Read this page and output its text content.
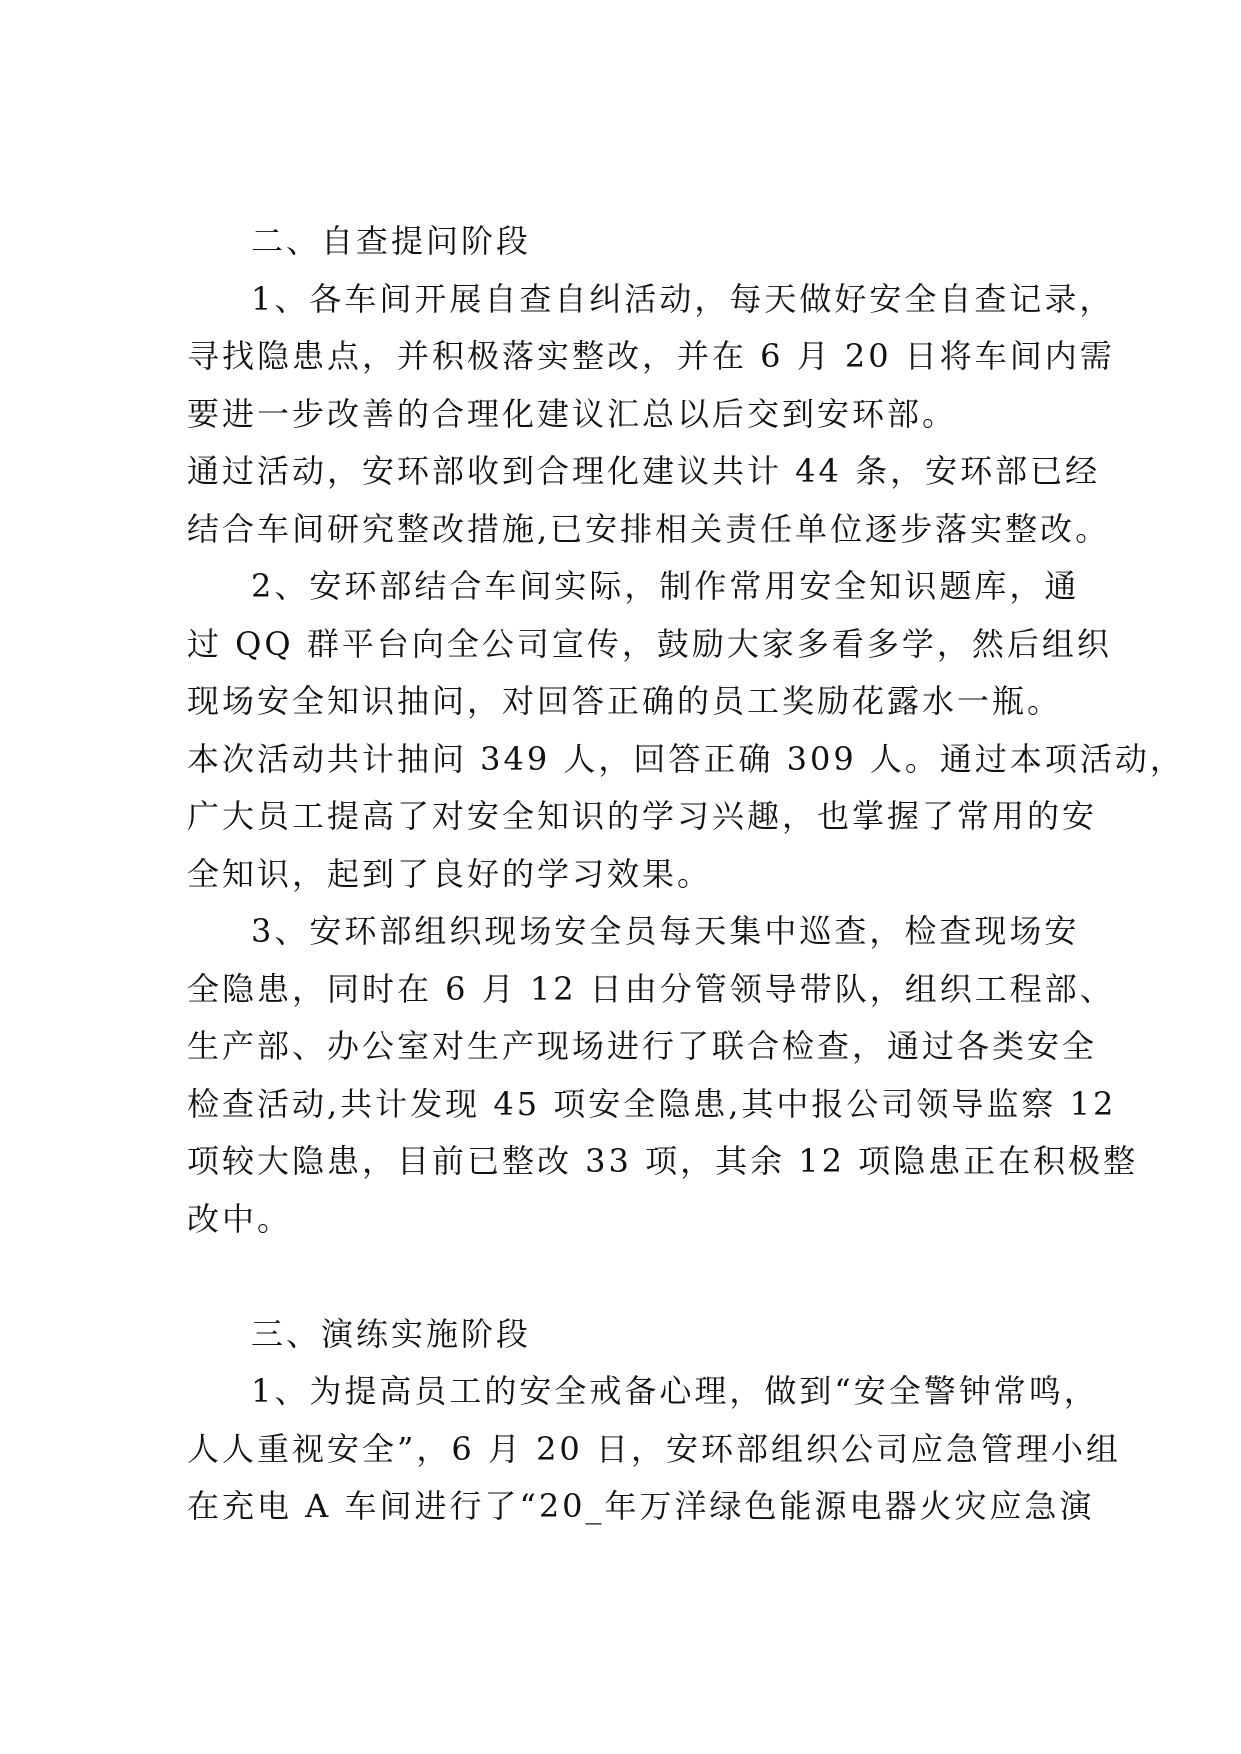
二、自查提问阶段

1、各车间开展自查自纠活动，每天做好安全自查记录，

寻找隐患点，并积极落实整改，并在 6 月 20 日将车间内需

要进一步改善的合理化建议汇总以后交到安环部。

通过活动，安环部收到合理化建议共计 44 条，安环部已经

结合车间研究整改措施,已安排相关责任单位逐步落实整改。

2、安环部结合车间实际，制作常用安全知识题库，通

过 QQ 群平台向全公司宣传，鼓励大家多看多学，然后组织

现场安全知识抽问，对回答正确的员工奖励花露水一瓶。

本次活动共计抽问 349 人，回答正确 309 人。通过本项活动，

广大员工提高了对安全知识的学习兴趣，也掌握了常用的安

全知识，起到了良好的学习效果。

3、安环部组织现场安全员每天集中巡查，检查现场安

全隐患，同时在 6 月 12 日由分管领导带队，组织工程部、

生产部、办公室对生产现场进行了联合检查，通过各类安全

检查活动,共计发现 45 项安全隐患,其中报公司领导监察 12

项较大隐患，目前已整改 33 项，其余 12 项隐患正在积极整

改中。

三、演练实施阶段

1、为提高员工的安全戒备心理，做到“安全警钟常鸣，

人人重视安全”，6 月 20 日，安环部组织公司应急管理小组

在充电 A 车间进行了“20_年万洋绿色能源电器火灾应急演
